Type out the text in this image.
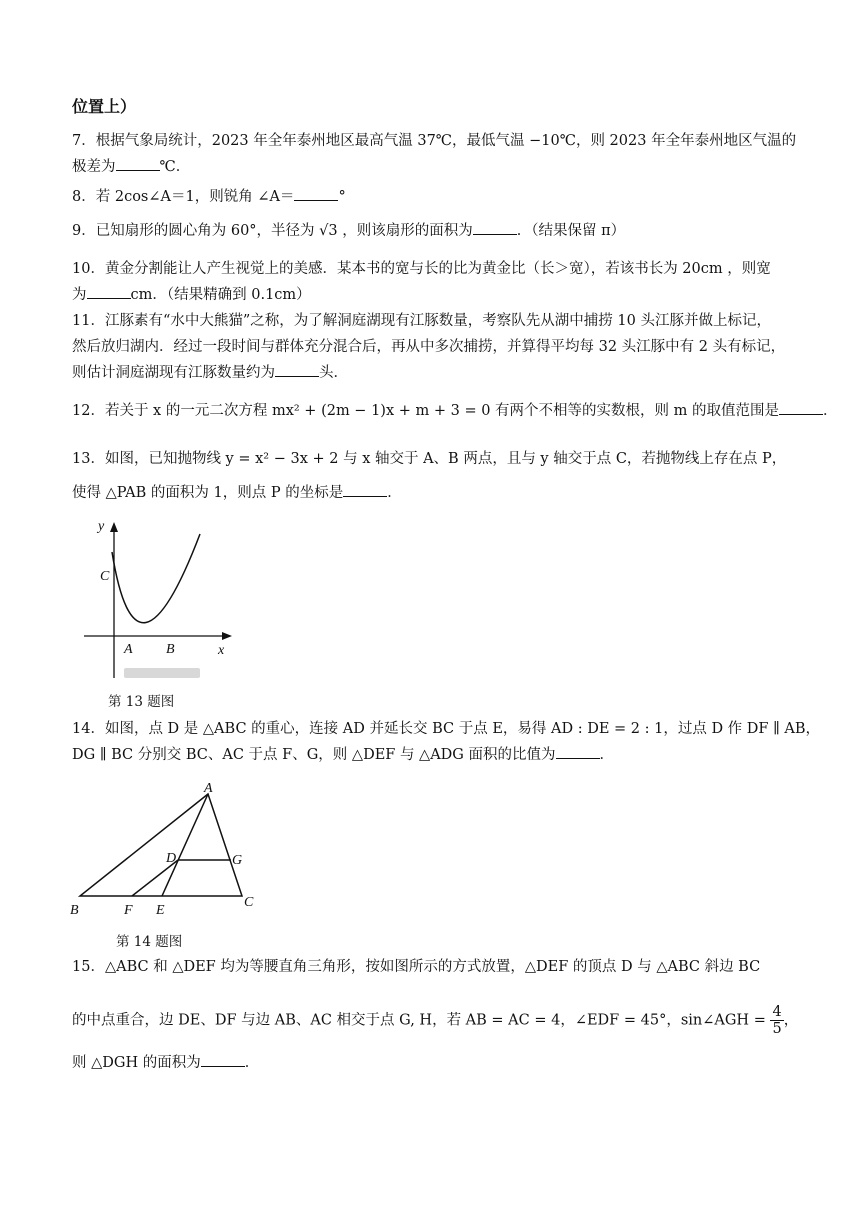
位置上）
7．根据气象局统计，2023 年全年泰州地区最高气温 37℃，最低气温 −10℃，则 2023 年全年泰州地区气温的
极差为	℃．
8．若 2cos∠A＝1，则锐角 ∠A＝	°
9．已知扇形的圆心角为 60°，半径为 √3 ，则该扇形的面积为	．（结果保留 π）
10．黄金分割能让人产生视觉上的美感．某本书的宽与长的比为黄金比（长＞宽），若该书长为 20cm ，则宽
为	cm．（结果精确到 0.1cm）
11．江豚素有“水中大熊猫”之称，为了解洞庭湖现有江豚数量，考察队先从湖中捕捞 10 头江豚并做上标记，
然后放归湖内．经过一段时间与群体充分混合后，再从中多次捕捞，并算得平均每 32 头江豚中有 2 头有标记，
则估计洞庭湖现有江豚数量约为	头．
12．若关于 x 的一元二次方程 mx² + (2m − 1)x + m + 3 = 0 有两个不相等的实数根，则 m 的取值范围是	．
13．如图，已知抛物线 y = x² − 3x + 2 与 x 轴交于 A、B 两点，且与 y 轴交于点 C，若抛物线上存在点 P，
使得 △PAB 的面积为 1，则点 P 的坐标是	．
y
x
C
A B
第 13 题图
14．如图，点 D 是 △ABC 的重心，连接 AD 并延长交 BC 于点 E，易得 AD : DE = 2 : 1，过点 D 作 DF ∥ AB，
DG ∥ BC 分别交 BC、AC 于点 F、G，则 △DEF 与 △ADG 面积的比值为	．
A
B
C
D
E
F
G
第 14 题图
15．△ABC 和 △DEF 均为等腰直角三角形，按如图所示的方式放置，△DEF 的顶点 D 与 △ABC 斜边 BC
的中点重合，边 DE、DF 与边 AB、AC 相交于点 G, H，若 AB = AC = 4，∠EDF = 45°，sin∠AGH = $\frac{4}{5}$ ，
则 △DGH 的面积为	．
